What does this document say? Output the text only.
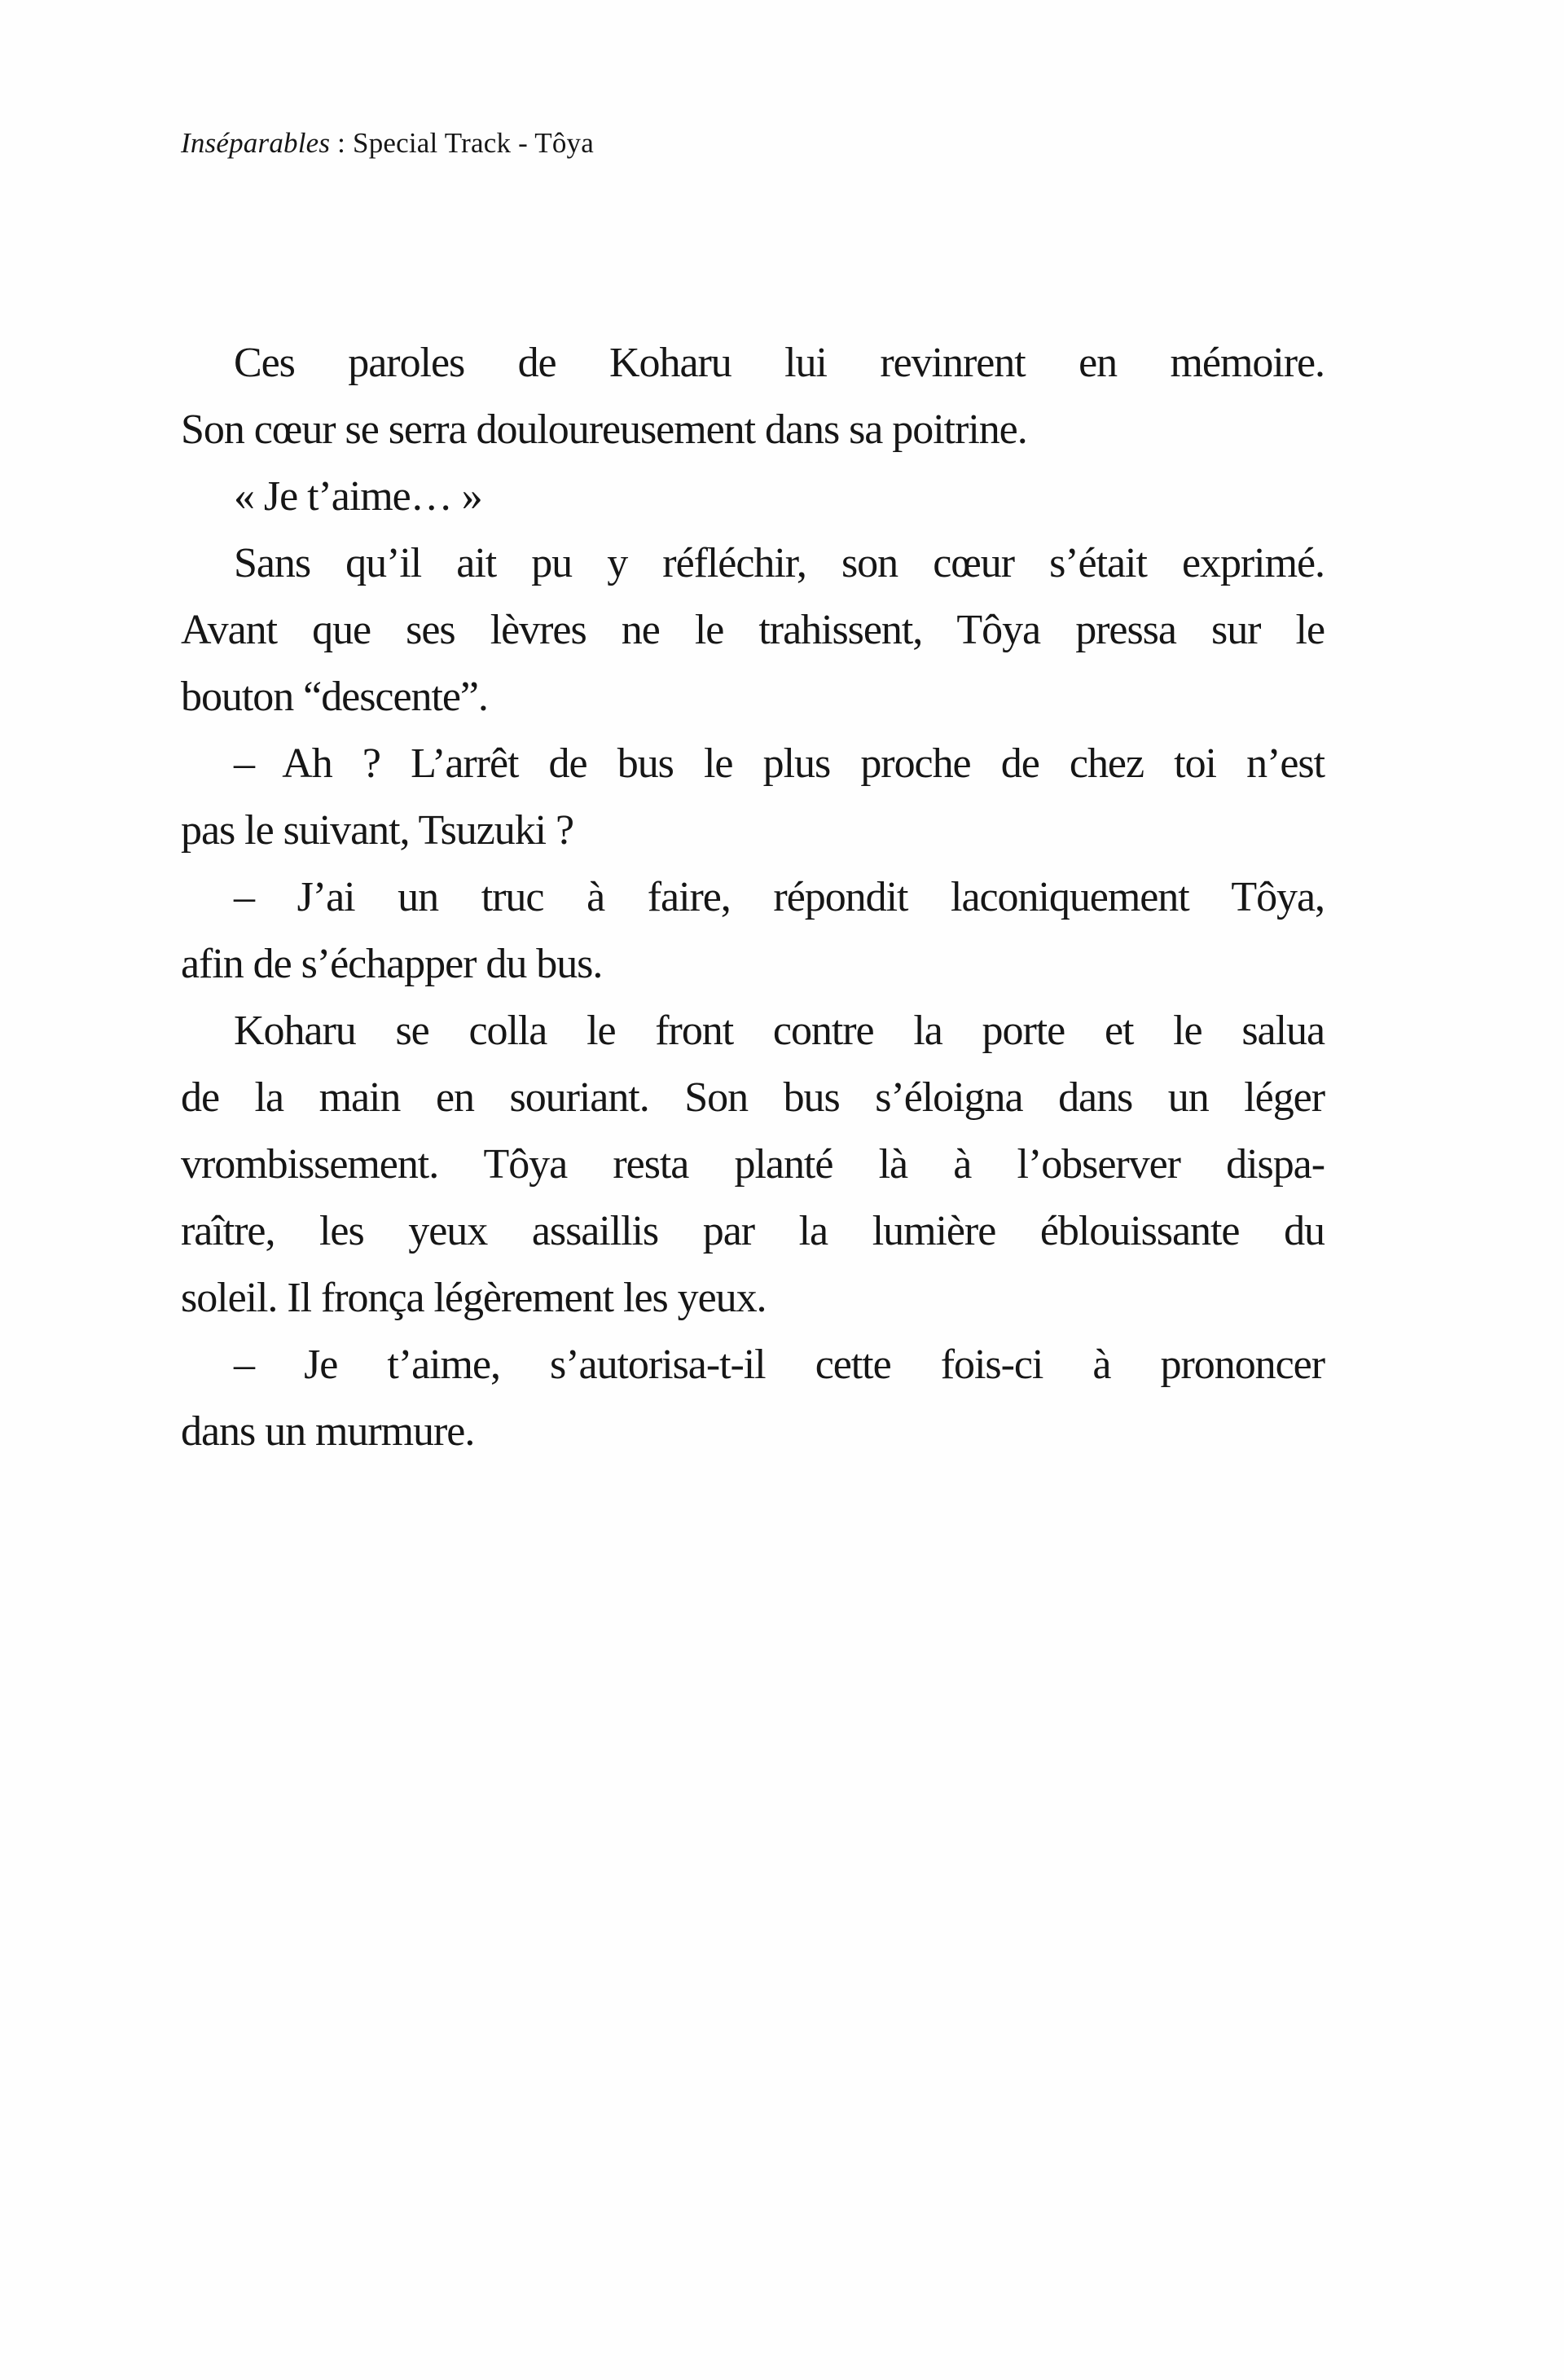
Inséparables : Special Track - Tôya
Ces paroles de Koharu lui revinrent en mémoire.
Son cœur se serra douloureusement dans sa poitrine.
« Je t’aime… »
Sans qu’il ait pu y réfléchir, son cœur s’était exprimé.
Avant que ses lèvres ne le trahissent, Tôya pressa sur le
bouton “descente”.
– Ah ? L’arrêt de bus le plus proche de chez toi n’est
pas le suivant, Tsuzuki ?
– J’ai un truc à faire, répondit laconiquement Tôya,
afin de s’échapper du bus.
Koharu se colla le front contre la porte et le salua
de la main en souriant. Son bus s’éloigna dans un léger
vrombissement. Tôya resta planté là à l’observer dispa-
raître, les yeux assaillis par la lumière éblouissante du
soleil. Il fronça légèrement les yeux.
– Je t’aime, s’autorisa-t-il cette fois-ci à prononcer
dans un murmure.
